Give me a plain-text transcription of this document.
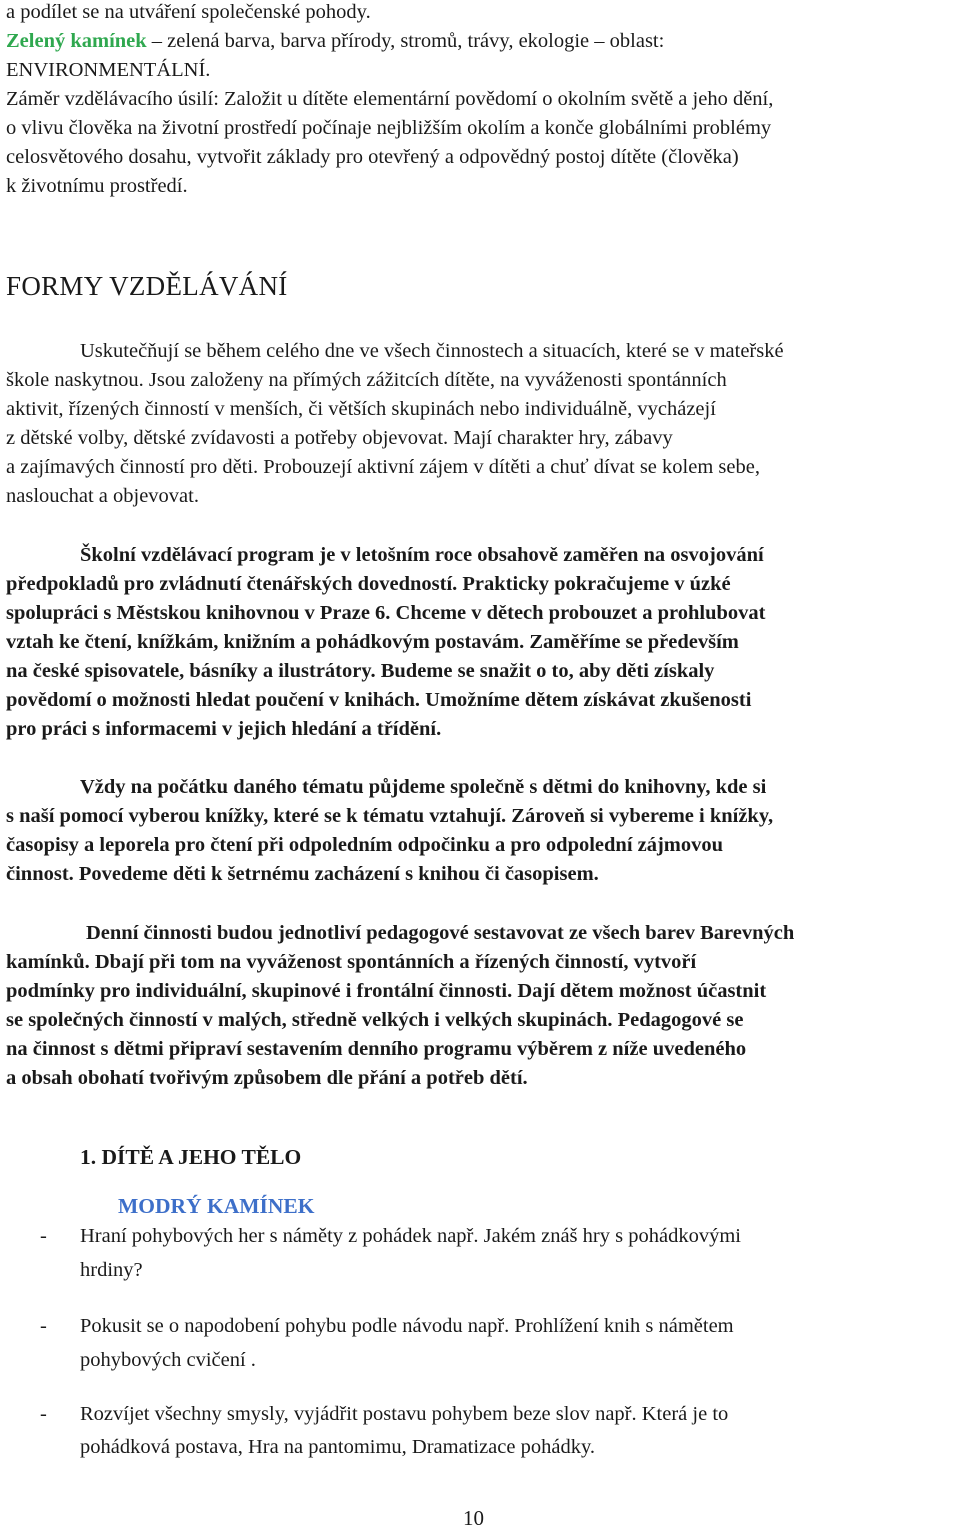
a podílet se na utváření společenské pohody.
Zelený kamínek – zelená barva, barva přírody, stromů, trávy, ekologie – oblast:
ENVIRONMENTÁLNÍ.
Záměr vzdělávacího úsilí: Založit u dítěte elementární povědomí o okolním světě a jeho dění,
o vlivu člověka na životní prostředí počínaje nejbližším okolím a konče globálními problémy
celosvětového dosahu, vytvořit základy pro otevřený a odpovědný postoj dítěte (člověka)
k životnímu prostředí.
FORMY VZDĚLÁVÁNÍ
Uskutečňují se během celého dne ve všech činnostech a situacích, které se v mateřské
škole naskytnou. Jsou založeny na přímých zážitcích dítěte, na vyváženosti spontánních
aktivit, řízených činností v menších, či větších skupinách nebo individuálně, vycházejí
z dětské volby, dětské zvídavosti a potřeby objevovat. Mají charakter hry, zábavy
a zajímavých činností pro děti. Probouzejí aktivní zájem v dítěti a chuť dívat se kolem sebe,
naslouchat a objevovat.
Školní vzdělávací program je v letošním roce obsahově zaměřen na osvojování
předpokladů pro zvládnutí čtenářských dovedností. Prakticky pokračujeme v úzké
spolupráci s Městskou knihovnou v Praze 6. Chceme v dětech probouzet a prohlubovat
vztah ke čtení, knížkám, knižním a pohádkovým postavám. Zaměříme se především
na české spisovatele, básníky a ilustrátory. Budeme se snažit o to, aby děti získaly
povědomí o možnosti hledat poučení v knihách. Umožníme dětem získávat zkušenosti
pro práci s informacemi v jejich hledání a třídění.
Vždy na počátku daného tématu půjdeme společně s dětmi do knihovny, kde si
s naší pomocí vyberou knížky, které se k tématu vztahují. Zároveň si vybereme i knížky,
časopisy a leporela pro čtení při odpoledním odpočinku a pro odpolední zájmovou
činnost. Povedeme děti k šetrnému zacházení s knihou či časopisem.
Denní činnosti budou jednotliví pedagogové sestavovat ze všech barev Barevných
kamínků. Dbají při tom na vyváženost spontánních a řízených činností, vytvoří
podmínky pro individuální, skupinové i frontální činnosti. Dají dětem možnost účastnit
se společných činností v malých, středně velkých i velkých skupinách. Pedagogové se
na činnost s dětmi připraví sestavením denního programu výběrem z níže uvedeného
a obsah obohatí tvořivým způsobem dle přání a potřeb dětí.
1. DÍTĚ A JEHO TĚLO
MODRÝ KAMÍNEK
- Hraní pohybových her s náměty z pohádek např. Jakém znáš hry s pohádkovými
hrdiny?
- Pokusit se o napodobení pohybu podle návodu např. Prohlížení knih s námětem
pohybových cvičení .
- Rozvíjet všechny smysly, vyjádřit postavu pohybem beze slov např. Která je to
pohádková postava, Hra na pantomimu, Dramatizace pohádky.
10
